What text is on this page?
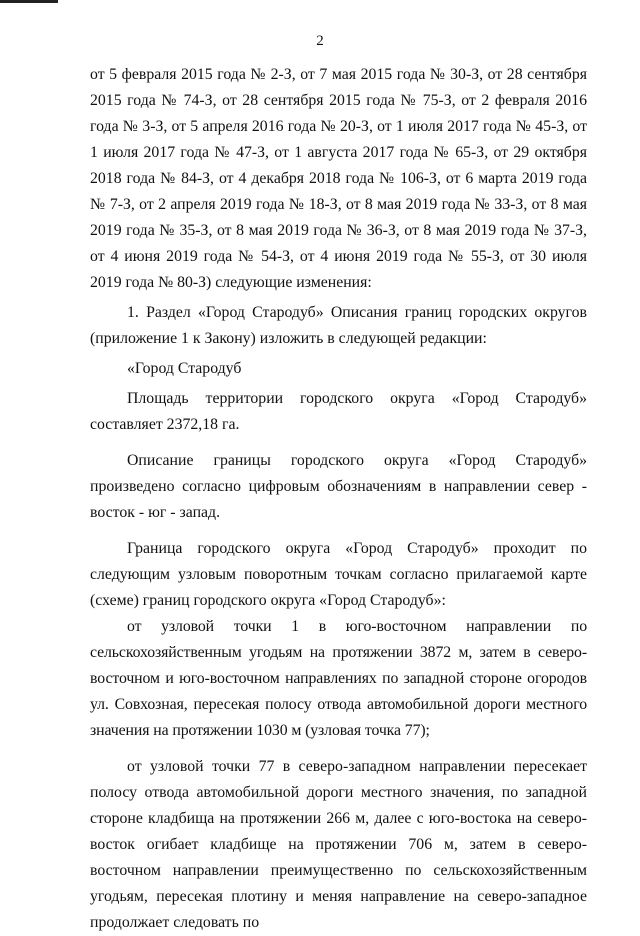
2

от 5 февраля 2015 года № 2-З, от 7 мая 2015 года № 30-З, от 28 сентября 2015 года № 74-З, от 28 сентября 2015 года № 75-З, от 2 февраля 2016 года № 3-З, от 5 апреля 2016 года № 20-З, от 1 июля 2017 года № 45-З, от 1 июля 2017 года № 47-З, от 1 августа 2017 года № 65-З, от 29 октября 2018 года № 84-З, от 4 декабря 2018 года № 106-З, от 6 марта 2019 года № 7-З, от 2 апреля 2019 года № 18-З, от 8 мая 2019 года № 33-З, от 8 мая 2019 года № 35-З, от 8 мая 2019 года № 36-З, от 8 мая 2019 года № 37-З, от 4 июня 2019 года № 54-З, от 4 июня 2019 года № 55-З, от 30 июля 2019 года № 80-З) следующие изменения:

1. Раздел «Город Стародуб» Описания границ городских округов (приложение 1 к Закону) изложить в следующей редакции:

«Город Стародуб

Площадь территории городского округа «Город Стародуб» составляет 2372,18 га.

Описание границы городского округа «Город Стародуб» произведено согласно цифровым обозначениям в направлении север - восток - юг - запад.

Граница городского округа «Город Стародуб» проходит по следующим узловым поворотным точкам согласно прилагаемой карте (схеме) границ городского округа «Город Стародуб»:

от узловой точки 1 в юго-восточном направлении по сельскохозяйственным угодьям на протяжении 3872 м, затем в северо-восточном и юго-восточном направлениях по западной стороне огородов ул. Совхозная, пересекая полосу отвода автомобильной дороги местного значения на протяжении 1030 м (узловая точка 77);

от узловой точки 77 в северо-западном направлении пересекает полосу отвода автомобильной дороги местного значения, по западной стороне кладбища на протяжении 266 м, далее с юго-востока на северо-восток огибает кладбище на протяжении 706 м, затем в северо-восточном направлении преимущественно по сельскохозяйственным угодьям, пересекая плотину и меняя направление на северо-западное продолжает следовать по
